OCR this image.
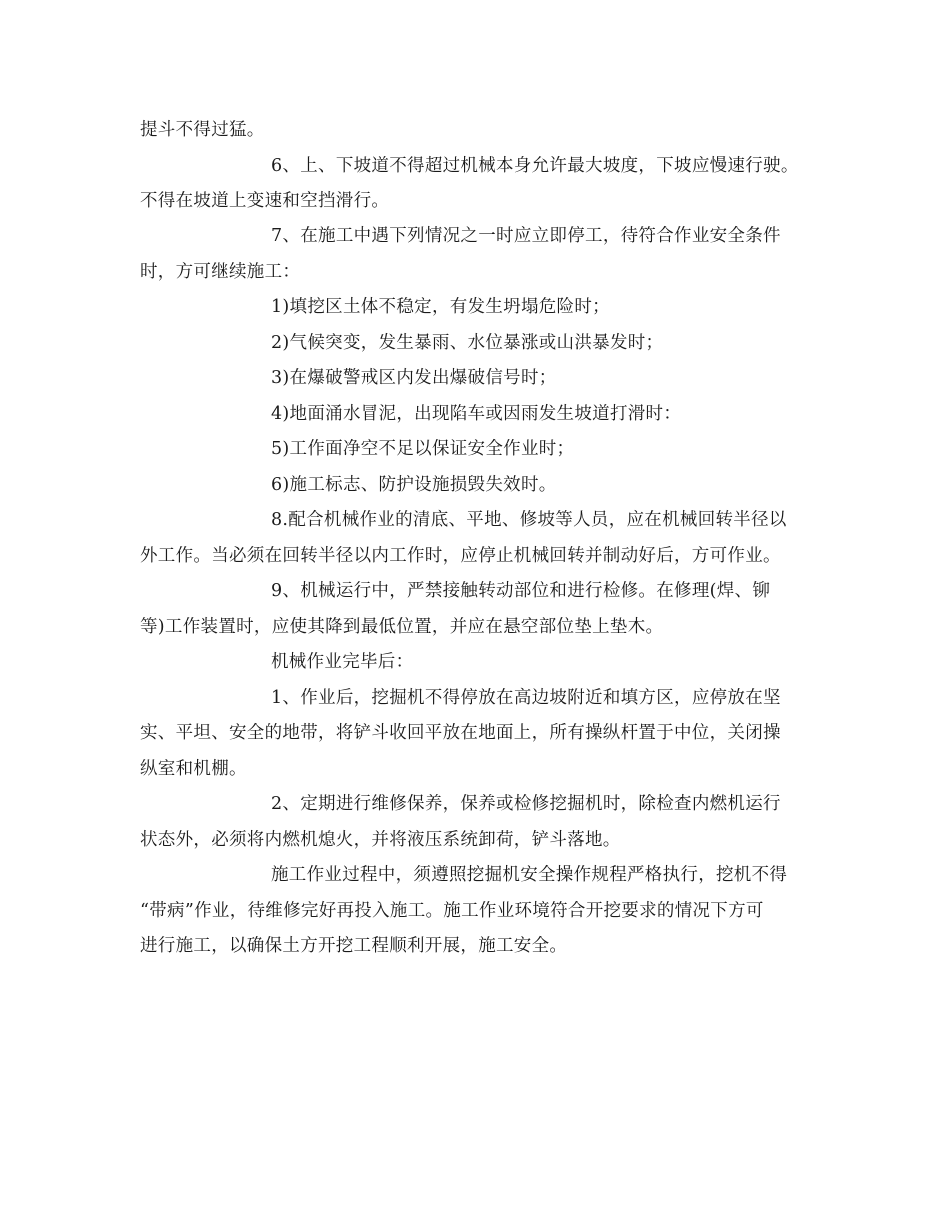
提斗不得过猛。
6、上、下坡道不得超过机械本身允许最大坡度，下坡应慢速行驶。
不得在坡道上变速和空挡滑行。
7、在施工中遇下列情况之一时应立即停工，待符合作业安全条件
时，方可继续施工：
1)填挖区土体不稳定，有发生坍塌危险时；
2)气候突变，发生暴雨、水位暴涨或山洪暴发时；
3)在爆破警戒区内发出爆破信号时；
4)地面涌水冒泥，出现陷车或因雨发生坡道打滑时：
5)工作面净空不足以保证安全作业时；
6)施工标志、防护设施损毁失效时。
8.配合机械作业的清底、平地、修坡等人员，应在机械回转半径以
外工作。当必须在回转半径以内工作时，应停止机械回转并制动好后，方可作业。
9、机械运行中，严禁接触转动部位和进行检修。在修理(焊、铆
等)工作装置时，应使其降到最低位置，并应在悬空部位垫上垫木。
机械作业完毕后：
1、作业后，挖掘机不得停放在高边坡附近和填方区，应停放在坚
实、平坦、安全的地带，将铲斗收回平放在地面上，所有操纵杆置于中位，关闭操
纵室和机棚。
2、定期进行维修保养，保养或检修挖掘机时，除检查内燃机运行
状态外，必须将内燃机熄火，并将液压系统卸荷，铲斗落地。
施工作业过程中，须遵照挖掘机安全操作规程严格执行，挖机不得
“带病”作业，待维修完好再投入施工。施工作业环境符合开挖要求的情况下方可
进行施工，以确保土方开挖工程顺利开展，施工安全。
